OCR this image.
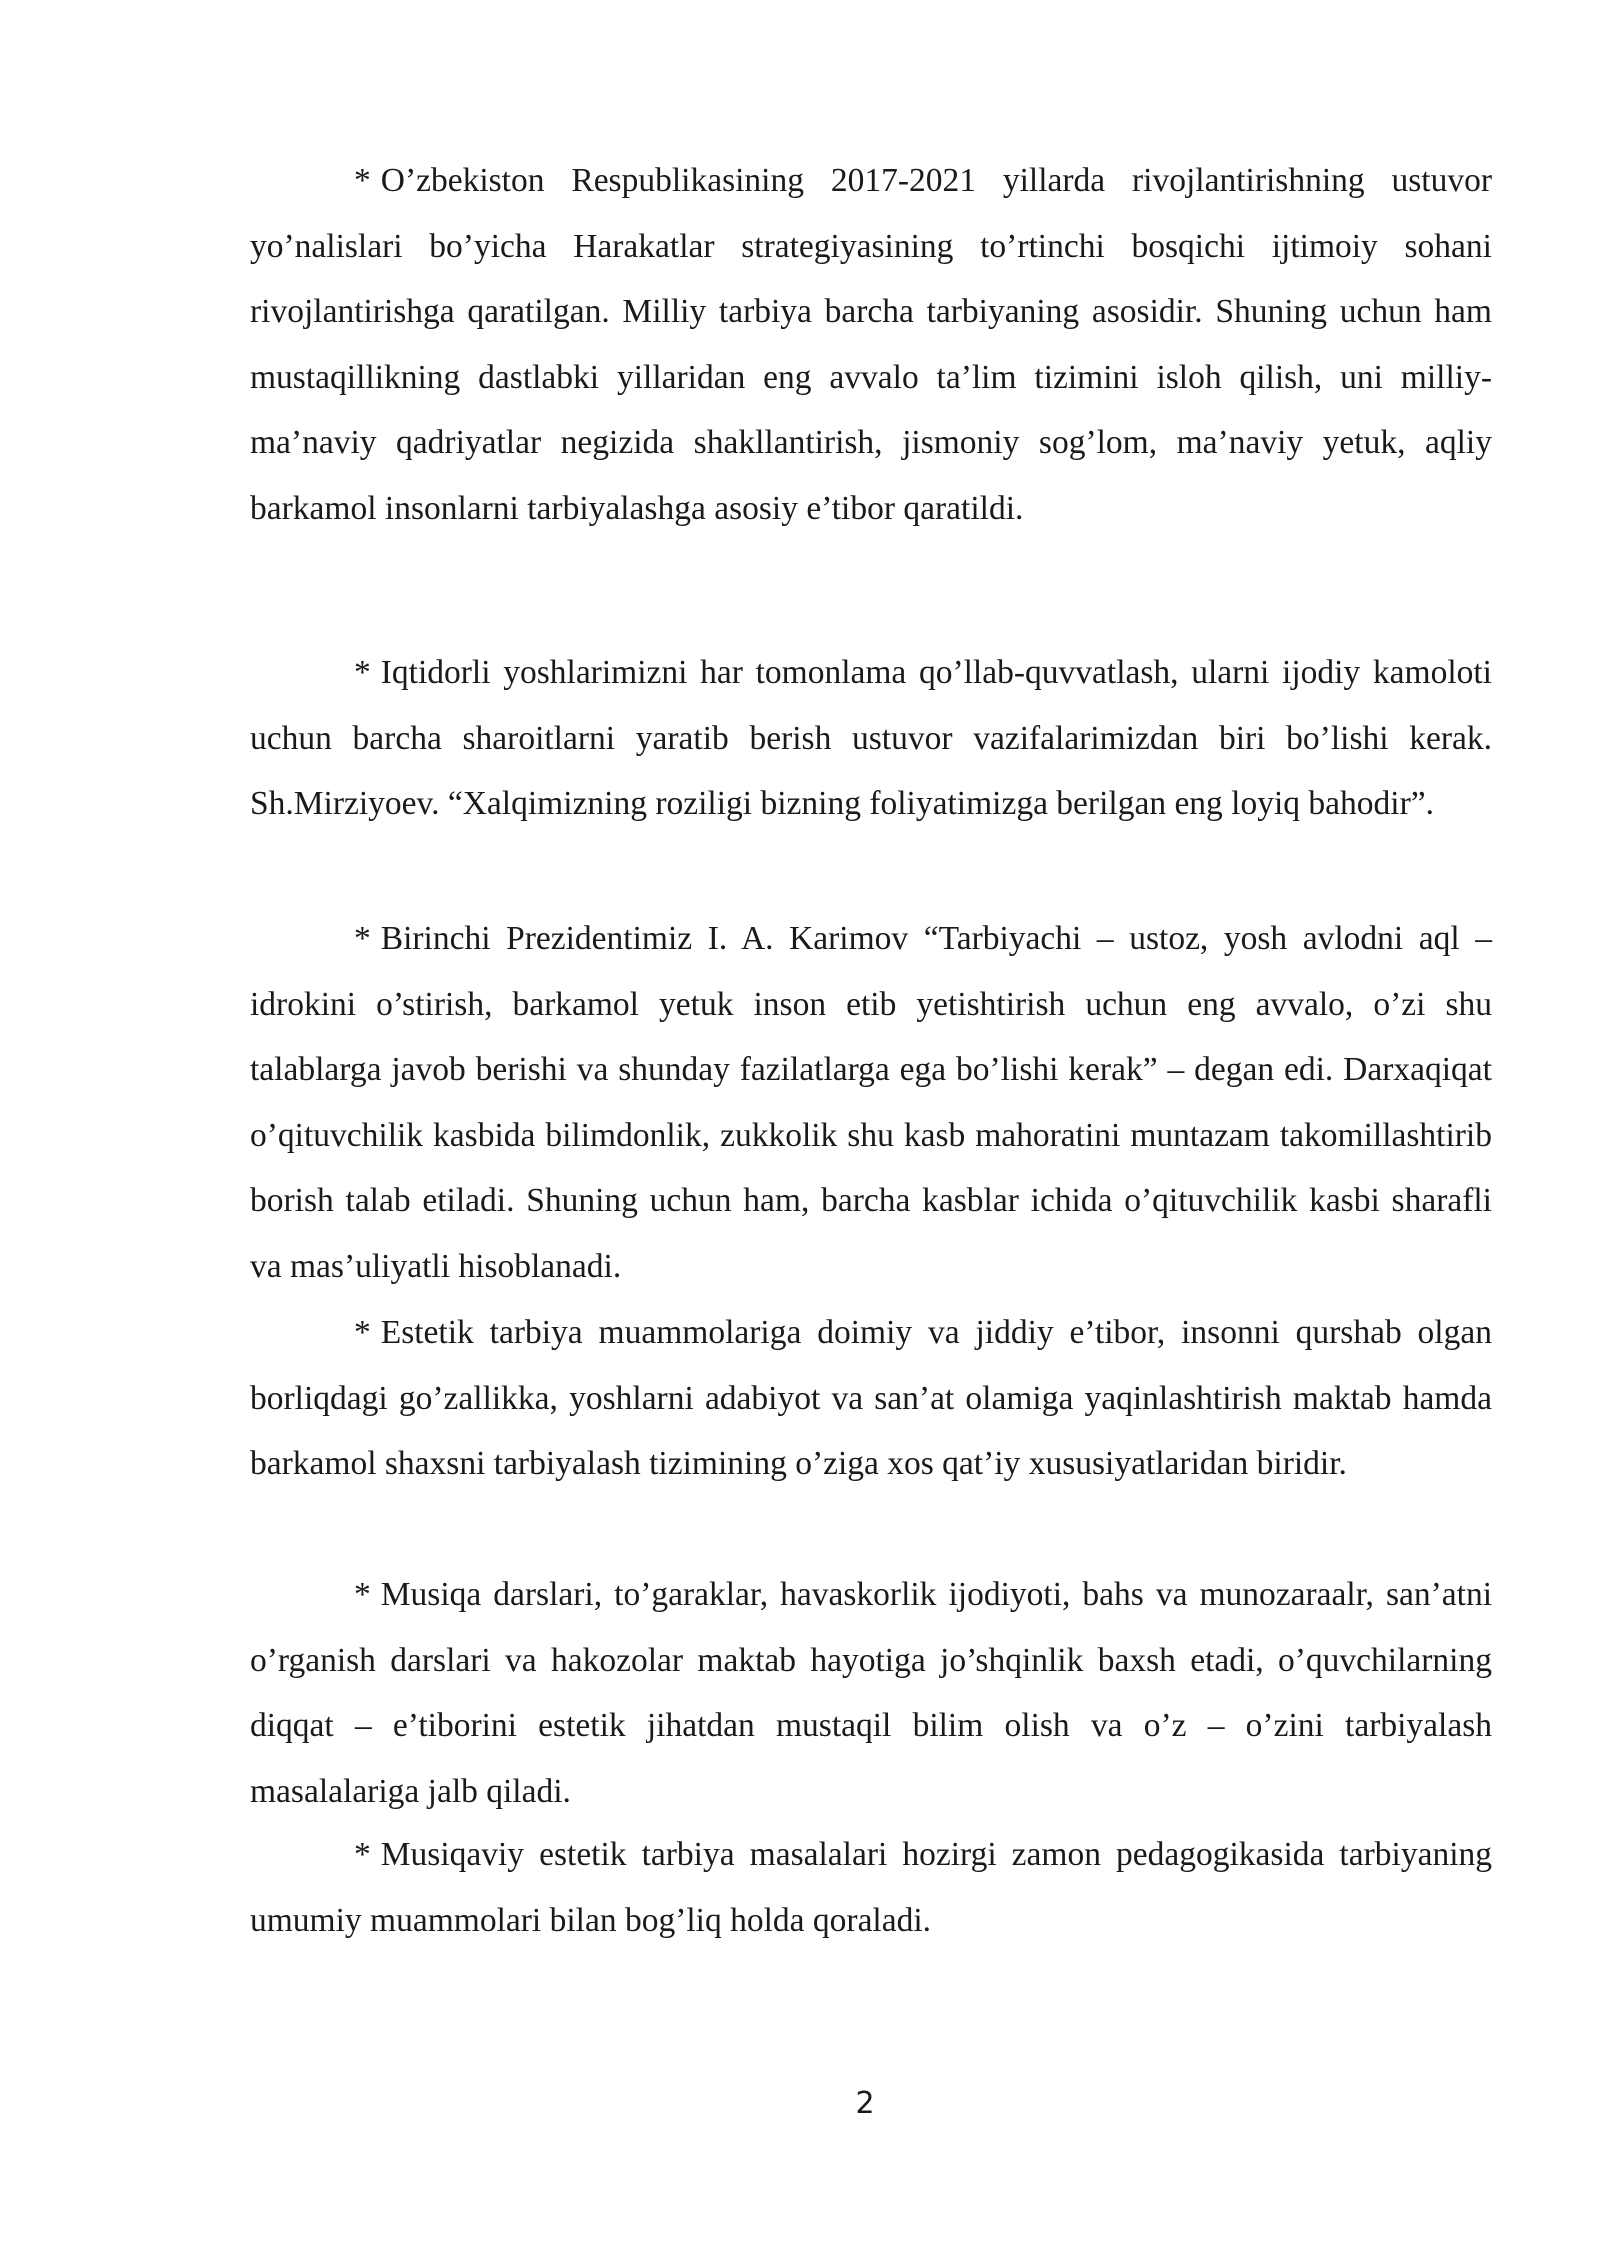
* O’zbekiston Respublikasining 2017-2021 yillarda rivojlantirishning ustuvor yo’nalislari bo’yicha Harakatlar strategiyasining to’rtinchi bosqichi ijtimoiy sohani rivojlantirishga qaratilgan. Milliy tarbiya barcha tarbiyaning asosidir. Shuning uchun ham mustaqillikning dastlabki yillaridan eng avvalo ta’lim tizimini isloh qilish, uni milliy-ma’naviy qadriyatlar negizida shakllantirish, jismoniy sog’lom, ma’naviy yetuk, aqliy barkamol insonlarni tarbiyalashga asosiy e’tibor qaratildi.

* Iqtidorli yoshlarimizni har tomonlama qo’llab-quvvatlash, ularni ijodiy kamoloti uchun barcha sharoitlarni yaratib berish ustuvor vazifalarimizdan biri bo’lishi kerak. Sh.Mirziyoev. “Xalqimizning roziligi bizning foliyatimizga berilgan eng loyiq bahodir”.

* Birinchi Prezidentimiz I. A. Karimov “Tarbiyachi – ustoz, yosh avlodni aql – idrokini o’stirish, barkamol yetuk inson etib yetishtirish uchun eng avvalo, o’zi shu talablarga javob berishi va shunday fazilatlarga ega bo’lishi kerak” – degan edi. Darxaqiqat o’qituvchilik kasbida bilimdonlik, zukkolik shu kasb mahoratini muntazam takomillashtirib borish talab etiladi. Shuning uchun ham, barcha kasblar ichida o’qituvchilik kasbi sharafli va mas’uliyatli hisoblanadi.

* Estetik tarbiya muammolariga doimiy va jiddiy e’tibor, insonni qurshab olgan borliqdagi go’zallikka, yoshlarni adabiyot va san’at olamiga yaqinlashtirish maktab hamda barkamol shaxsni tarbiyalash tizimining o’ziga xos qat’iy xususiyatlaridan biridir.

* Musiqa darslari, to’garaklar, havaskorlik ijodiyoti, bahs va munozaraalr, san’atni o’rganish darslari va hakozolar maktab hayotiga jo’shqinlik baxsh etadi, o’quvchilarning diqqat – e’tiborini estetik jihatdan mustaqil bilim olish va o’z – o’zini tarbiyalash masalalariga jalb qiladi.

* Musiqaviy estetik tarbiya masalalari hozirgi zamon pedagogikasida tarbiyaning umumiy muammolari bilan bog’liq holda qoraladi.

2
